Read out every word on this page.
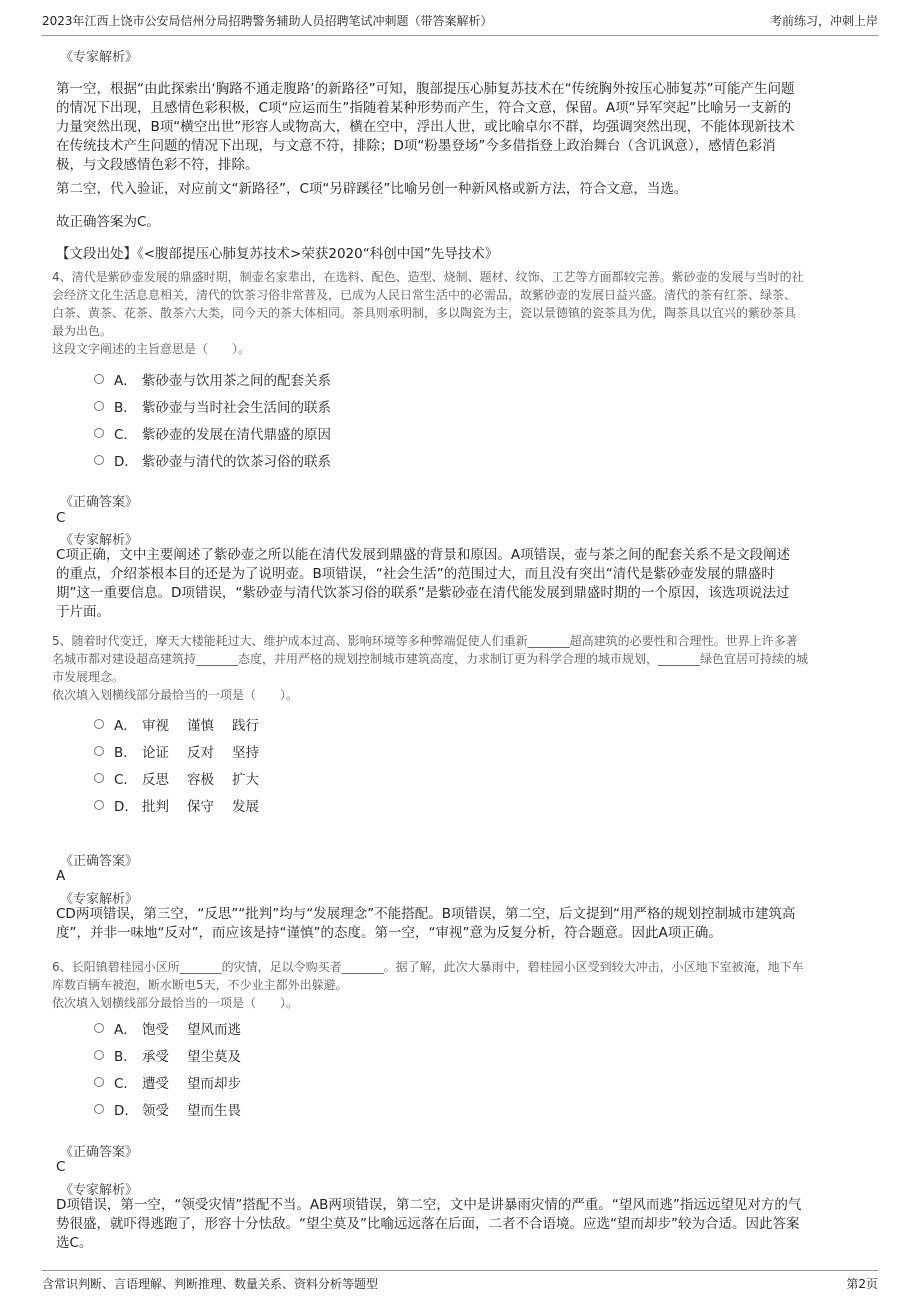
2023年江西上饶市公安局信州分局招聘警务辅助人员招聘笔试冲刺题（带答案解析）	考前练习，冲刺上岸
《专家解析》
第一空，根据“由此探索出‘胸路不通走腹路’的新路径”可知，腹部提压心肺复苏技术在“传统胸外按压心肺复苏”可能产生问题
的情况下出现，且感情色彩积极，C项“应运而生”指随着某种形势而产生，符合文意，保留。A项“异军突起”比喻另一支新的
力量突然出现，B项“横空出世”形容人或物高大，横在空中，浮出人世，或比喻卓尔不群，均强调突然出现，不能体现新技术
在传统技术产生问题的情况下出现，与文意不符，排除；D项“粉墨登场”今多借指登上政治舞台（含讥讽意），感情色彩消
极，与文段感情色彩不符，排除。
第二空，代入验证，对应前文“新路径”，C项“另辟蹊径”比喻另创一种新风格或新方法，符合文意，当选。
故正确答案为C。
【文段出处】《<腹部提压心肺复苏技术>荣获2020“科创中国”先导技术》
4、清代是紫砂壶发展的鼎盛时期，制壶名家辈出，在选料、配色、造型、烧制、题材、纹饰、工艺等方面都较完善。紫砂壶的发展与当时的社
会经济文化生活息息相关，清代的饮茶习俗非常普及，已成为人民日常生活中的必需品，故紫砂壶的发展日益兴盛。清代的茶有红茶、绿茶、
白茶、黄茶、花茶、散茶六大类，同今天的茶大体相同。茶具则承明制，多以陶瓷为主，瓷以景德镇的瓷茶具为优，陶茶具以宜兴的紫砂茶具
最为出色。
这段文字阐述的主旨意思是（　　）。
A． 紫砂壶与饮用茶之间的配套关系
B． 紫砂壶与当时社会生活间的联系
C． 紫砂壶的发展在清代鼎盛的原因
D． 紫砂壶与清代的饮茶习俗的联系
《正确答案》
C
《专家解析》
C项正确，文中主要阐述了紫砂壶之所以能在清代发展到鼎盛的背景和原因。A项错误，壶与茶之间的配套关系不是文段阐述
的重点，介绍茶根本目的还是为了说明壶。B项错误，“社会生活”的范围过大，而且没有突出“清代是紫砂壶发展的鼎盛时
期”这一重要信息。D项错误，“紫砂壶与清代饮茶习俗的联系”是紫砂壶在清代能发展到鼎盛时期的一个原因，该选项说法过
于片面。
5、随着时代变迁，摩天大楼能耗过大、维护成本过高、影响环境等多种弊端促使人们重新_______超高建筑的必要性和合理性。世界上许多著
名城市都对建设超高建筑持_______态度，并用严格的规划控制城市建筑高度，力求制订更为科学合理的城市规划，_______绿色宜居可持续的城
市发展理念。
依次填入划横线部分最恰当的一项是（　　）。
A． 审视 谨慎 践行
B． 论证 反对 坚持
C． 反思 容极 扩大
D． 批判 保守 发展
《正确答案》
A
《专家解析》
CD两项错误，第三空，“反思”“批判”均与“发展理念”不能搭配。B项错误，第二空，后文提到“用严格的规划控制城市建筑高
度”，并非一味地“反对”，而应该是持“谨慎”的态度。第一空，“审视”意为反复分析，符合题意。因此A项正确。
6、长阳镇碧桂园小区所_______的灾情，足以令购买者_______。据了解，此次大暴雨中，碧桂园小区受到较大冲击，小区地下室被淹，地下车
库数百辆车被泡，断水断电5天，不少业主都外出躲避。
依次填入划横线部分最恰当的一项是（　　）。
A． 饱受 望风而逃
B． 承受 望尘莫及
C． 遭受 望而却步
D． 领受 望而生畏
《正确答案》
C
《专家解析》
D项错误，第一空，“领受灾情”搭配不当。AB两项错误，第二空，文中是讲暴雨灾情的严重。“望风而逃”指远远望见对方的气
势很盛，就吓得逃跑了，形容十分怯敌。“望尘莫及”比喻远远落在后面，二者不合语境。应选“望而却步”较为合适。因此答案
选C。
含常识判断、言语理解、判断推理、数量关系、资料分析等题型	第2页
